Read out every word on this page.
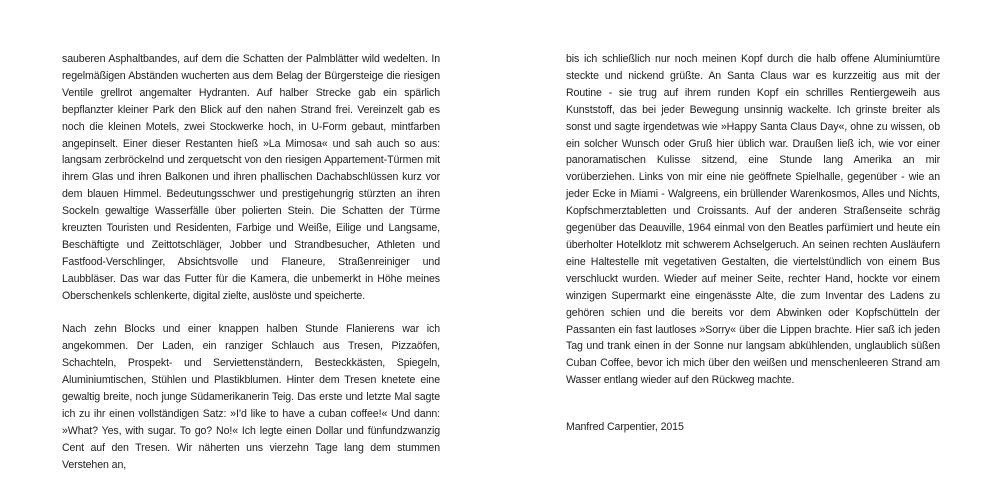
sauberen Asphaltbandes, auf dem die Schatten der Palmblätter wild wedelten. In regelmäßigen Abständen wucherten aus dem Belag der Bürgersteige die riesigen Ventile grellrot angemalter Hydranten. Auf halber Strecke gab ein spärlich bepflanzter kleiner Park den Blick auf den nahen Strand frei. Vereinzelt gab es noch die kleinen Motels, zwei Stockwerke hoch, in U-Form gebaut, mintfarben angepinselt. Einer dieser Restanten hieß »La Mimosa« und sah auch so aus: langsam zerbröckelnd und zerquetscht von den riesigen Appartement-Türmen mit ihrem Glas und ihren Balkonen und ihren phallischen Dachabschlüssen kurz vor dem blauen Himmel. Bedeutungsschwer und prestigehungrig stürzten an ihren Sockeln gewaltige Wasserfälle über polierten Stein. Die Schatten der Türme kreuzten Touristen und Residenten, Farbige und Weiße, Eilige und Langsame, Beschäftigte und Zeittotschläger, Jobber und Strandbesucher, Athleten und Fastfood-Verschlinger, Absichtsvolle und Flaneure, Straßenreiniger und Laubbläser. Das war das Futter für die Kamera, die unbemerkt in Höhe meines Oberschenkels schlenkerte, digital zielte, auslöste und speicherte.

Nach zehn Blocks und einer knappen halben Stunde Flanierens war ich angekommen. Der Laden, ein ranziger Schlauch aus Tresen, Pizzaöfen, Schachteln, Prospekt- und Serviettenständern, Besteckkästen, Spiegeln, Aluminiumtischen, Stühlen und Plastikblumen. Hinter dem Tresen knetete eine gewaltig breite, noch junge Südamerikanerin Teig. Das erste und letzte Mal sagte ich zu ihr einen vollständigen Satz: »I’d like to have a cuban coffee!« Und dann: »What? Yes, with sugar. To go? No!« Ich legte einen Dollar und fünfundzwanzig Cent auf den Tresen. Wir näherten uns vierzehn Tage lang dem stummen Verstehen an,

bis ich schließlich nur noch meinen Kopf durch die halb offene Aluminiumtüre steckte und nickend grüßte. An Santa Claus war es kurzzeitig aus mit der Routine - sie trug auf ihrem runden Kopf ein schrilles Rentiergeweih aus Kunststoff, das bei jeder Bewegung unsinnig wackelte. Ich grinste breiter als sonst und sagte irgendetwas wie »Happy Santa Claus Day«, ohne zu wissen, ob ein solcher Wunsch oder Gruß hier üblich war. Draußen ließ ich, wie vor einer panoramatischen Kulisse sitzend, eine Stunde lang Amerika an mir vorüberziehen. Links von mir eine nie geöffnete Spielhalle, gegenüber - wie an jeder Ecke in Miami - Walgreens, ein brüllender Warenkosmos, Alles und Nichts, Kopfschmerztabletten und Croissants. Auf der anderen Straßenseite schräg gegenüber das Deauville, 1964 einmal von den Beatles parfümiert und heute ein überholter Hotelklotz mit schwerem Achselgeruch. An seinen rechten Ausläufern eine Haltestelle mit vegetativen Gestalten, die viertelstündlich von einem Bus verschluckt wurden. Wieder auf meiner Seite, rechter Hand, hockte vor einem winzigen Supermarkt eine eingenässte Alte, die zum Inventar des Ladens zu gehören schien und die bereits vor dem Abwinken oder Kopfschütteln der Passanten ein fast lautloses »Sorry« über die Lippen brachte. Hier saß ich jeden Tag und trank einen in der Sonne nur langsam abkühlenden, unglaublich süßen Cuban Coffee, bevor ich mich über den weißen und menschenleeren Strand am Wasser entlang wieder auf den Rückweg machte.

Manfred Carpentier, 2015
